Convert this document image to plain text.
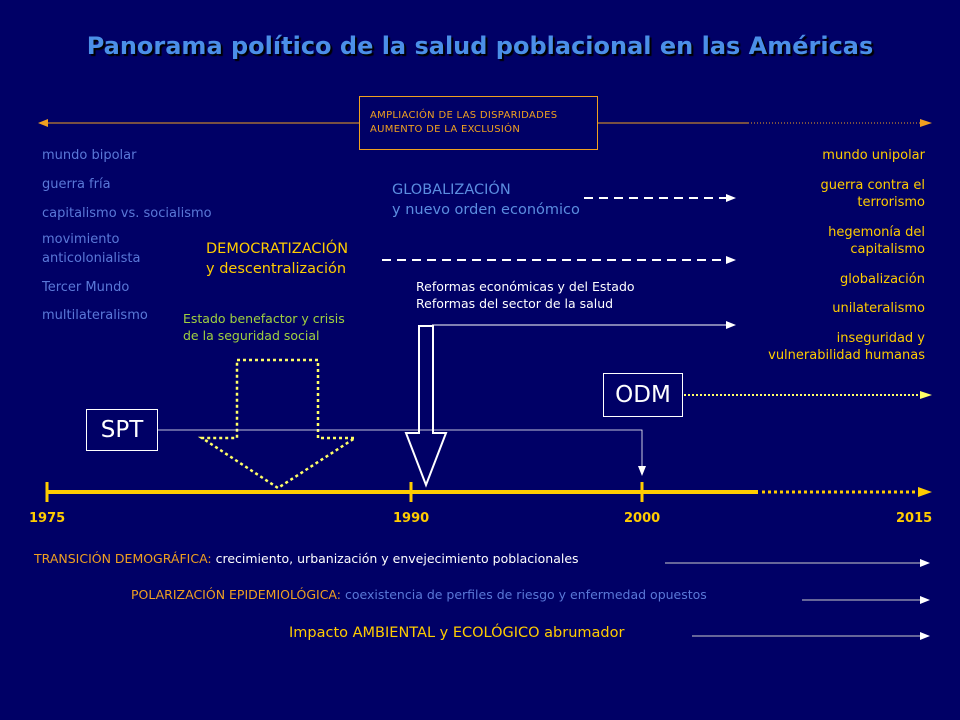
Panorama político de la salud poblacional en las Américas
AMPLIACIÓN DE LAS DISPARIDADES
AUMENTO DE LA EXCLUSIÓN
mundo bipolar
guerra fría
capitalismo vs. socialismo
movimiento
anticolonialista
Tercer Mundo
multilateralismo
mundo unipolar
guerra contra el
terrorismo
hegemonía del
capitalismo
globalización
unilateralismo
inseguridad y
vulnerabilidad humanas
GLOBALIZACIÓN
y nuevo orden económico
DEMOCRATIZACIÓN
y descentralización
Reformas económicas y del Estado
Reformas del sector de la salud
Estado benefactor y crisis
de la seguridad social
SPT
ODM
1975	1990	2000	2015
TRANSICIÓN DEMOGRÁFICA: crecimiento, urbanización y envejecimiento poblacionales
POLARIZACIÓN EPIDEMIOLÓGICA: coexistencia de perfiles de riesgo y enfermedad opuestos
Impacto AMBIENTAL y ECOLÓGICO abrumador
